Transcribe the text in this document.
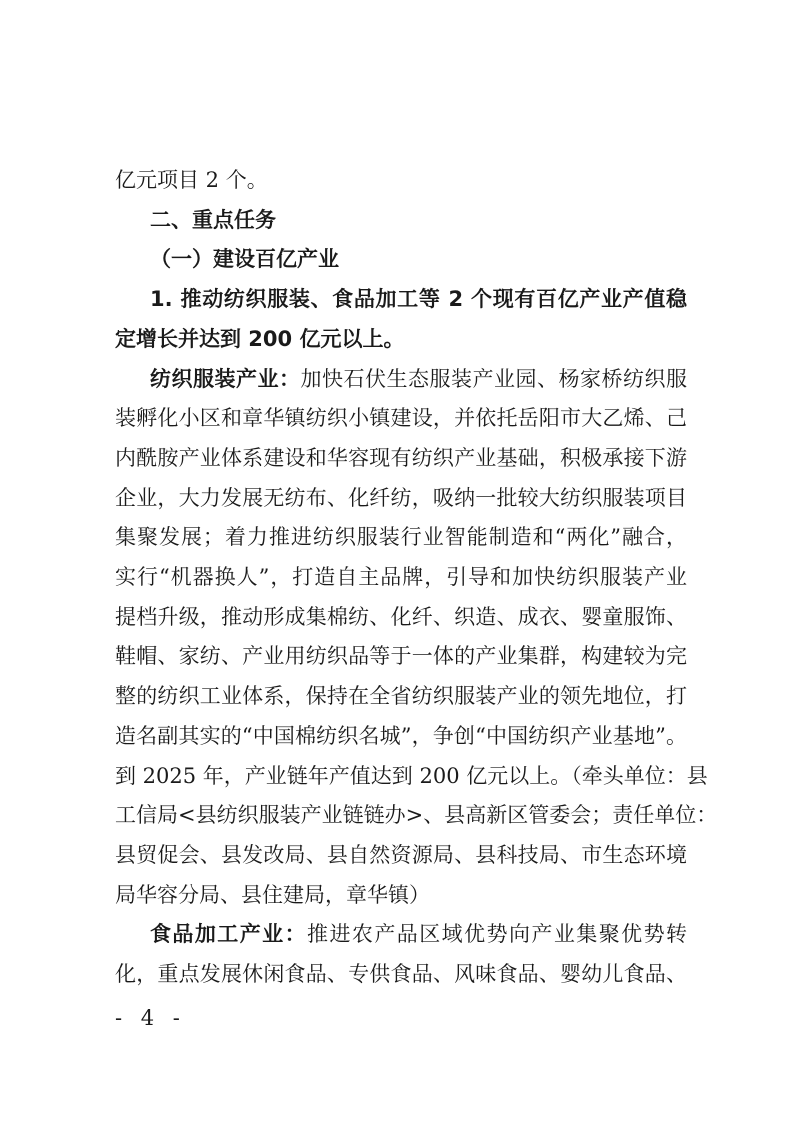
亿元项目 2 个。
二、重点任务
（一）建设百亿产业
1. 推动纺织服装、食品加工等 2 个现有百亿产业产值稳
定增长并达到 200 亿元以上。
纺织服装产业：加快石伏生态服装产业园、杨家桥纺织服
装孵化小区和章华镇纺织小镇建设，并依托岳阳市大乙烯、己
内酰胺产业体系建设和华容现有纺织产业基础，积极承接下游
企业，大力发展无纺布、化纤纺，吸纳一批较大纺织服装项目
集聚发展；着力推进纺织服装行业智能制造和“两化”融合，
实行“机器换人”，打造自主品牌，引导和加快纺织服装产业
提档升级，推动形成集棉纺、化纤、织造、成衣、婴童服饰、
鞋帽、家纺、产业用纺织品等于一体的产业集群，构建较为完
整的纺织工业体系，保持在全省纺织服装产业的领先地位，打
造名副其实的“中国棉纺织名城”，争创“中国纺织产业基地”。
到 2025 年，产业链年产值达到 200 亿元以上。（牵头单位：县
工信局<县纺织服装产业链链办>、县高新区管委会；责任单位：
县贸促会、县发改局、县自然资源局、县科技局、市生态环境
局华容分局、县住建局，章华镇）
食品加工产业：推进农产品区域优势向产业集聚优势转
化，重点发展休闲食品、专供食品、风味食品、婴幼儿食品、
- 4 -
